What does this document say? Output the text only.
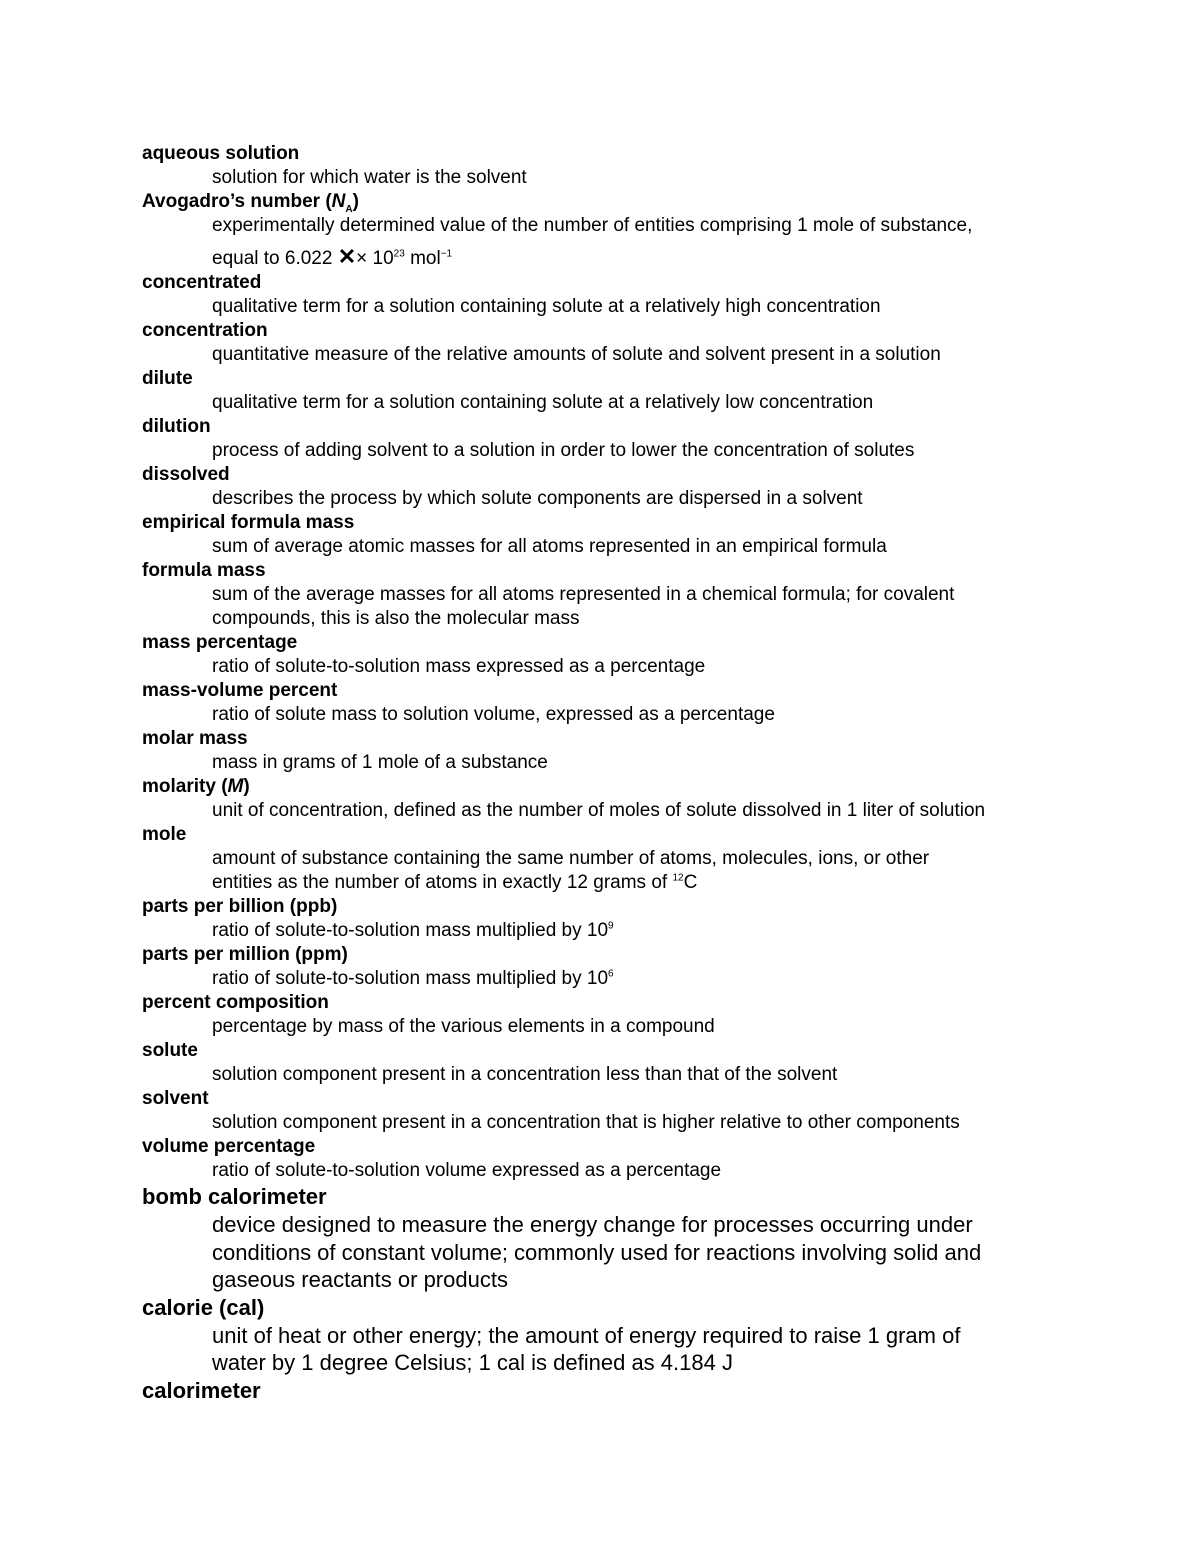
aqueous solution
solution for which water is the solvent
Avogadro’s number $(N_A)$
experimentally determined value of the number of entities comprising 1 mole of substance,
equal to 6.022 ✕× $10^{23}$ mol$^{-1}$
concentrated
qualitative term for a solution containing solute at a relatively high concentration
concentration
quantitative measure of the relative amounts of solute and solvent present in a solution
dilute
qualitative term for a solution containing solute at a relatively low concentration
dilution
process of adding solvent to a solution in order to lower the concentration of solutes
dissolved
describes the process by which solute components are dispersed in a solvent
empirical formula mass
sum of average atomic masses for all atoms represented in an empirical formula
formula mass
sum of the average masses for all atoms represented in a chemical formula; for covalent
compounds, this is also the molecular mass
mass percentage
ratio of solute-to-solution mass expressed as a percentage
mass-volume percent
ratio of solute mass to solution volume, expressed as a percentage
molar mass
mass in grams of 1 mole of a substance
molarity (M)
unit of concentration, defined as the number of moles of solute dissolved in 1 liter of solution
mole
amount of substance containing the same number of atoms, molecules, ions, or other
entities as the number of atoms in exactly 12 grams of $^{12}$C
parts per billion (ppb)
ratio of solute-to-solution mass multiplied by $10^9$
parts per million (ppm)
ratio of solute-to-solution mass multiplied by $10^6$
percent composition
percentage by mass of the various elements in a compound
solute
solution component present in a concentration less than that of the solvent
solvent
solution component present in a concentration that is higher relative to other components
volume percentage
ratio of solute-to-solution volume expressed as a percentage
bomb calorimeter
device designed to measure the energy change for processes occurring under
conditions of constant volume; commonly used for reactions involving solid and
gaseous reactants or products
calorie (cal)
unit of heat or other energy; the amount of energy required to raise 1 gram of
water by 1 degree Celsius; 1 cal is defined as 4.184 J
calorimeter
